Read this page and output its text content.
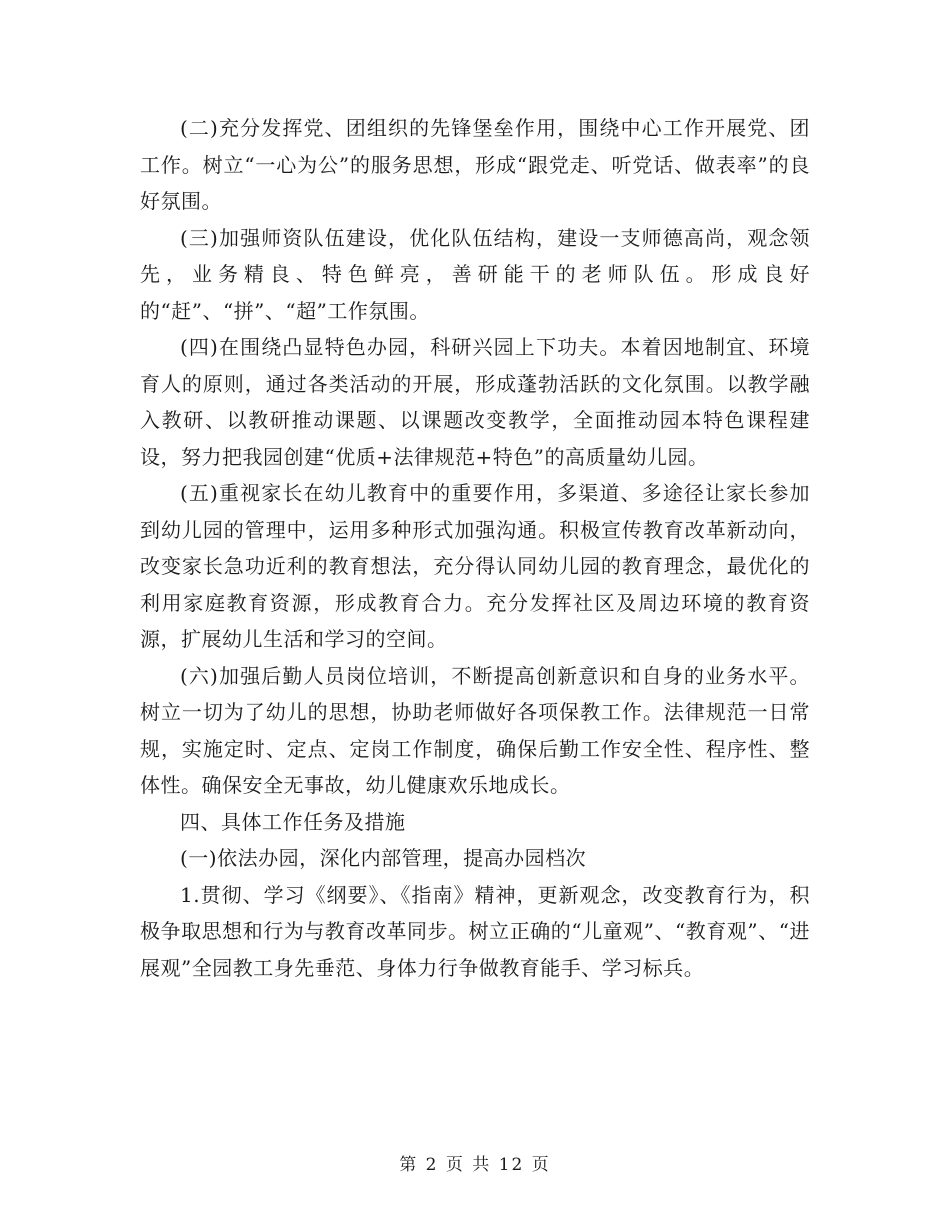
(二)充分发挥党、团组织的先锋堡垒作用，围绕中心工作开展党、团工作。树立“一心为公”的服务思想，形成“跟党走、听党话、做表率”的良好氛围。

(三)加强师资队伍建设，优化队伍结构，建设一支师德高尚，观念领先，业务精良、特色鲜亮，善研能干的老师队伍。形成良好的“赶”、“拼”、“超”工作氛围。

(四)在围绕凸显特色办园，科研兴园上下功夫。本着因地制宜、环境育人的原则，通过各类活动的开展，形成蓬勃活跃的文化氛围。以教学融入教研、以教研推动课题、以课题改变教学，全面推动园本特色课程建设，努力把我园创建“优质+法律规范+特色”的高质量幼儿园。

(五)重视家长在幼儿教育中的重要作用，多渠道、多途径让家长参加到幼儿园的管理中，运用多种形式加强沟通。积极宣传教育改革新动向，改变家长急功近利的教育想法，充分得认同幼儿园的教育理念，最优化的利用家庭教育资源，形成教育合力。充分发挥社区及周边环境的教育资源，扩展幼儿生活和学习的空间。

(六)加强后勤人员岗位培训，不断提高创新意识和自身的业务水平。树立一切为了幼儿的思想，协助老师做好各项保教工作。法律规范一日常规，实施定时、定点、定岗工作制度，确保后勤工作安全性、程序性、整体性。确保安全无事故，幼儿健康欢乐地成长。

四、具体工作任务及措施

(一)依法办园，深化内部管理，提高办园档次

1.贯彻、学习《纲要》、《指南》精神，更新观念，改变教育行为，积极争取思想和行为与教育改革同步。树立正确的“儿童观”、“教育观”、“进展观”全园教工身先垂范、身体力行争做教育能手、学习标兵。

第 2 页 共 12 页
